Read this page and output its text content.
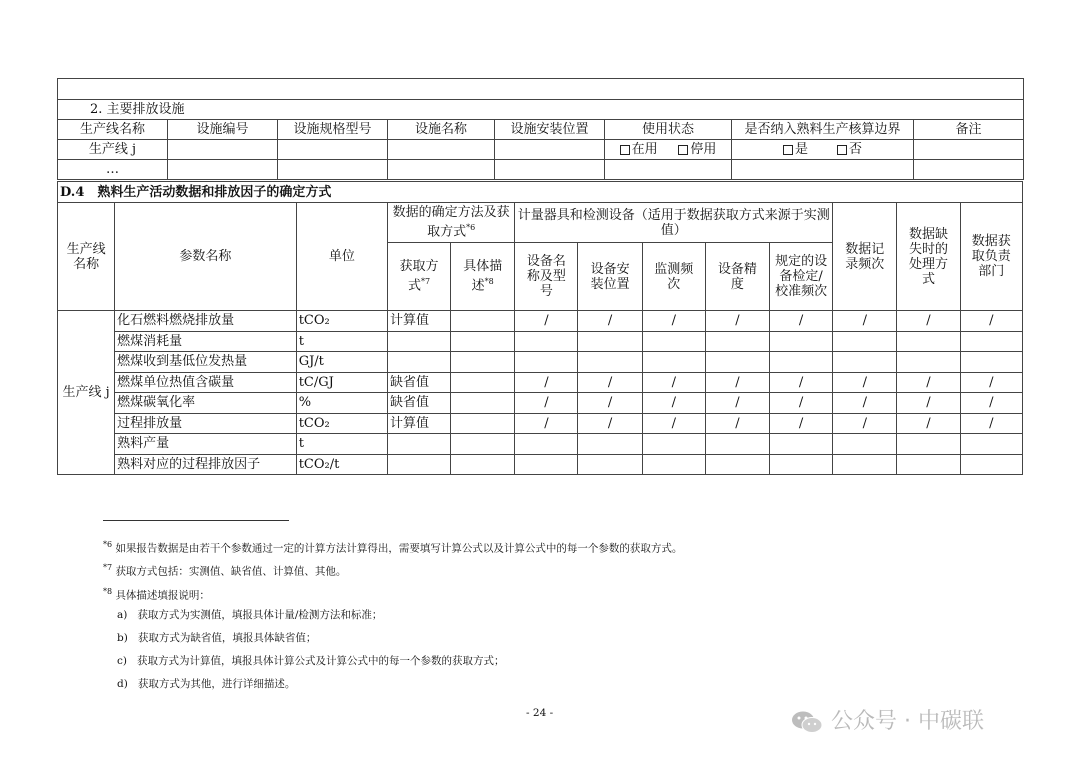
2. 主要排放设施							
生产线名称	设施编号	设施规格型号	设施名称	设施安装位置	使用状态	是否纳入熟料生产核算边界	备注
生产线 j					在用 停用	是 否	
…							
D.4　熟料生产活动数据和排放因子的确定方式												
生产线名称	参数名称	单位	数据的确定方法及获取方式$^{*6}$		计量器具和检测设备（适用于数据获取方式来源于实测值）					数据记录频次	数据缺失时的处理方式	数据获取负责部门
			获取方式$^{*7}$	具体描述$^{*8}$	设备名称及型号	设备安装位置	监测频次	设备精度	规定的设备检定/校准频次			
生产线 j	化石燃料燃烧排放量	tCO₂	计算值		/	/	/	/	/	/	/	/
	燃煤消耗量	t										
	燃煤收到基低位发热量	GJ/t										
	燃煤单位热值含碳量	tC/GJ	缺省值		/	/	/	/	/	/	/	/
	燃煤碳氧化率	%	缺省值		/	/	/	/	/	/	/	/
	过程排放量	tCO₂	计算值		/	/	/	/	/	/	/	/
	熟料产量	t										
	熟料对应的过程排放因子	tCO₂/t										
$^{*6}$ 如果报告数据是由若干个参数通过一定的计算方法计算得出，需要填写计算公式以及计算公式中的每一个参数的获取方式。
$^{*7}$ 获取方式包括：实测值、缺省值、计算值、其他。
$^{*8}$ 具体描述填报说明：
a) 获取方式为实测值，填报具体计量/检测方法和标准；
b) 获取方式为缺省值，填报具体缺省值；
c) 获取方式为计算值，填报具体计算公式及计算公式中的每一个参数的获取方式；
d) 获取方式为其他，进行详细描述。
- 24 -	公众号 · 中碳联
